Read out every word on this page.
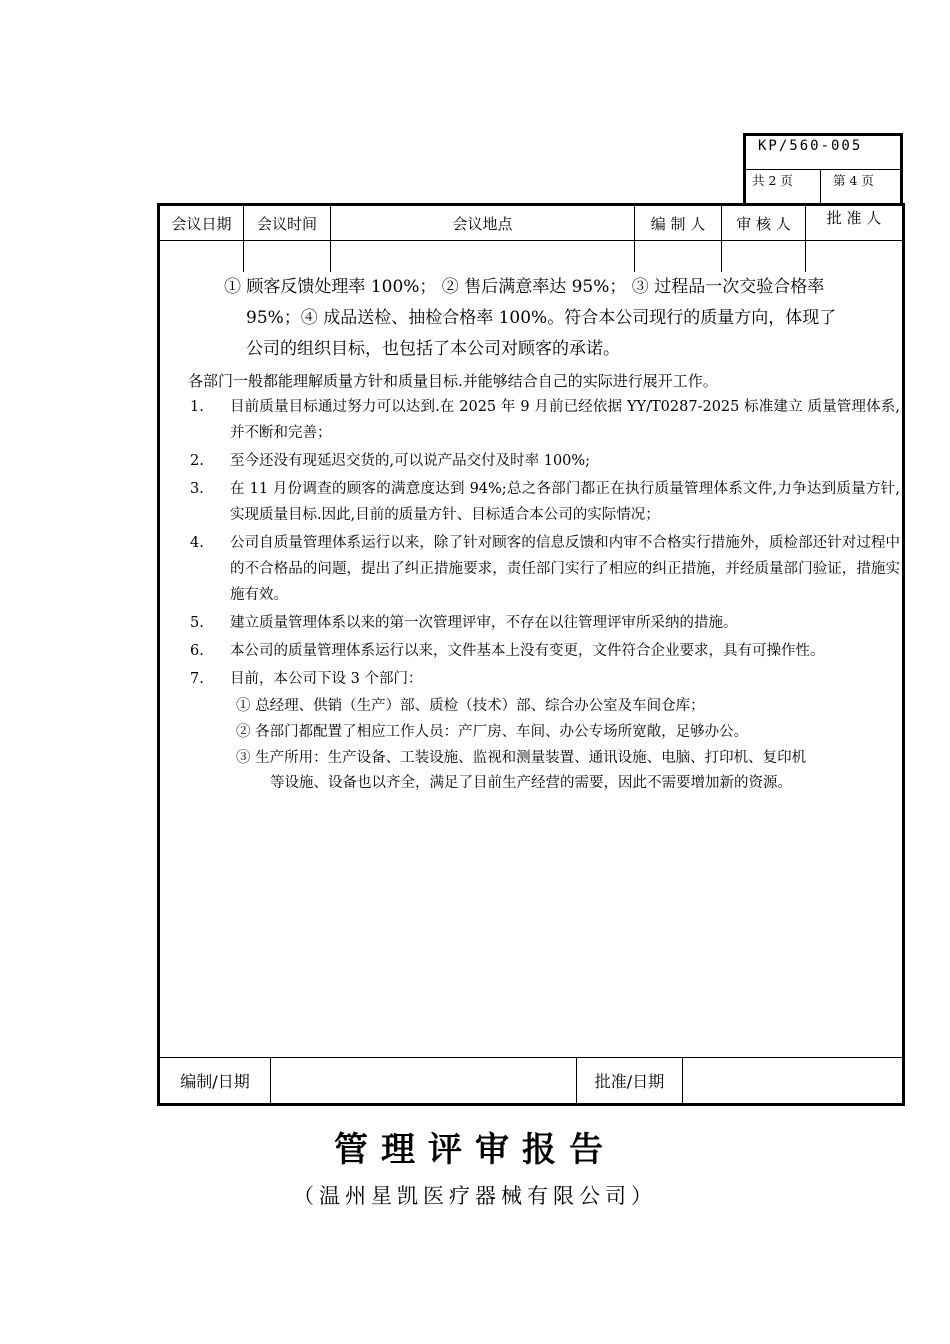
KP/560-005
共 2 页	第 4 页
会议日期	会议时间	会议地点	编 制 人	审 核 人	批 准 人
① 顾客反馈处理率 100%； ② 售后满意率达 95%； ③ 过程品一次交验合格率
95%；④ 成品送检、抽检合格率 100%。符合本公司现行的质量方向，体现了
公司的组织目标，也包括了本公司对顾客的承诺。
各部门一般都能理解质量方针和质量目标.并能够结合自己的实际进行展开工作。
1.	目前质量目标通过努力可以达到.在 2025 年 9 月前已经依据 YY/T0287-2025 标准建立 质量管理体系,并不断和完善；
2.	至今还没有现延迟交货的,可以说产品交付及时率 100%;
3.	在 11 月份调查的顾客的满意度达到 94%;总之各部门都正在执行质量管理体系文件,力争达到质量方针,实现质量目标.因此,目前的质量方针、目标适合本公司的实际情况；
4.	公司自质量管理体系运行以来，除了针对顾客的信息反馈和内审不合格实行措施外，质检部还针对过程中的不合格品的问题，提出了纠正措施要求，责任部门实行了相应的纠正措施，并经质量部门验证，措施实施有效。
5.	建立质量管理体系以来的第一次管理评审，不存在以往管理评审所采纳的措施。
6.	本公司的质量管理体系运行以来，文件基本上没有变更，文件符合企业要求，具有可操作性。
7.	目前，本公司下设 3 个部门：
① 总经理、供销（生产）部、质检（技术）部、综合办公室及车间仓库；
② 各部门都配置了相应工作人员：产厂房、车间、办公专场所宽敞，足够办公。
③ 生产所用：生产设备、工装设施、监视和测量装置、通讯设施、电脑、打印机、复印机
等设施、设备也以齐全，满足了目前生产经营的需要，因此不需要增加新的资源。
编制/日期	批准/日期
管理评审报告
（温州星凯医疗器械有限公司）
